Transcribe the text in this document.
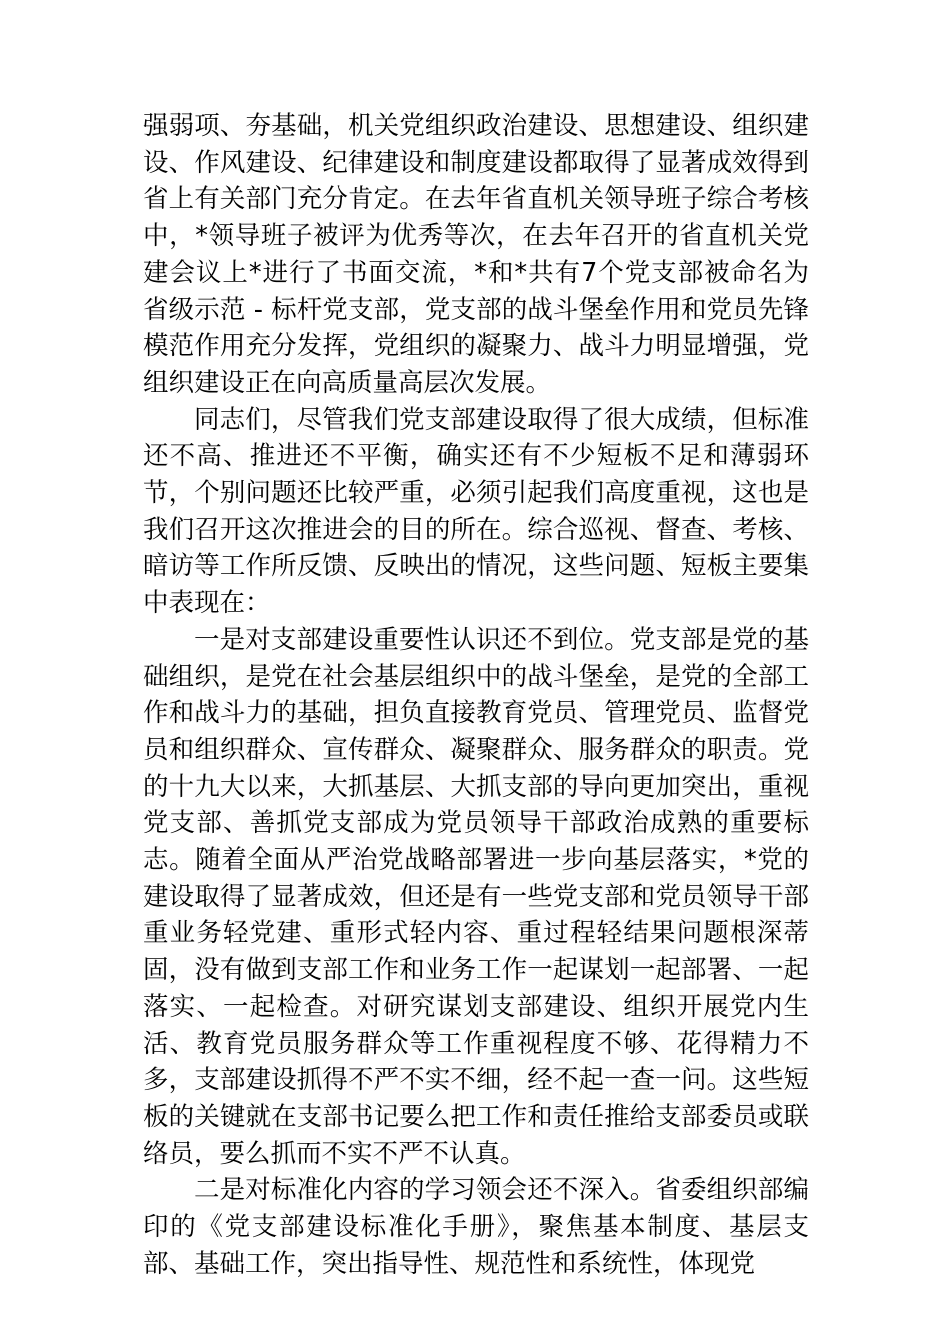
强弱项、夯基础，机关党组织政治建设、思想建设、组织建设、作风建设、纪律建设和制度建设都取得了显著成效得到省上有关部门充分肯定。在去年省直机关领导班子综合考核中，*领导班子被评为优秀等次，在去年召开的省直机关党建会议上*进行了书面交流，*和*共有7个党支部被命名为省级示范 - 标杆党支部，党支部的战斗堡垒作用和党员先锋模范作用充分发挥，党组织的凝聚力、战斗力明显增强，党组织建设正在向高质量高层次发展。

同志们，尽管我们党支部建设取得了很大成绩，但标准还不高、推进还不平衡，确实还有不少短板不足和薄弱环节，个别问题还比较严重，必须引起我们高度重视，这也是我们召开这次推进会的目的所在。综合巡视、督查、考核、暗访等工作所反馈、反映出的情况，这些问题、短板主要集中表现在：

一是对支部建设重要性认识还不到位。党支部是党的基础组织，是党在社会基层组织中的战斗堡垒，是党的全部工作和战斗力的基础，担负直接教育党员、管理党员、监督党员和组织群众、宣传群众、凝聚群众、服务群众的职责。党的十九大以来，大抓基层、大抓支部的导向更加突出，重视党支部、善抓党支部成为党员领导干部政治成熟的重要标志。随着全面从严治党战略部署进一步向基层落实，*党的建设取得了显著成效，但还是有一些党支部和党员领导干部重业务轻党建、重形式轻内容、重过程轻结果问题根深蒂固，没有做到支部工作和业务工作一起谋划一起部署、一起落实、一起检查。对研究谋划支部建设、组织开展党内生活、教育党员服务群众等工作重视程度不够、花得精力不多，支部建设抓得不严不实不细，经不起一查一问。这些短板的关键就在支部书记要么把工作和责任推给支部委员或联络员，要么抓而不实不严不认真。

二是对标准化内容的学习领会还不深入。省委组织部编印的《党支部建设标准化手册》，聚焦基本制度、基层支部、基础工作，突出指导性、规范性和系统性，体现党
